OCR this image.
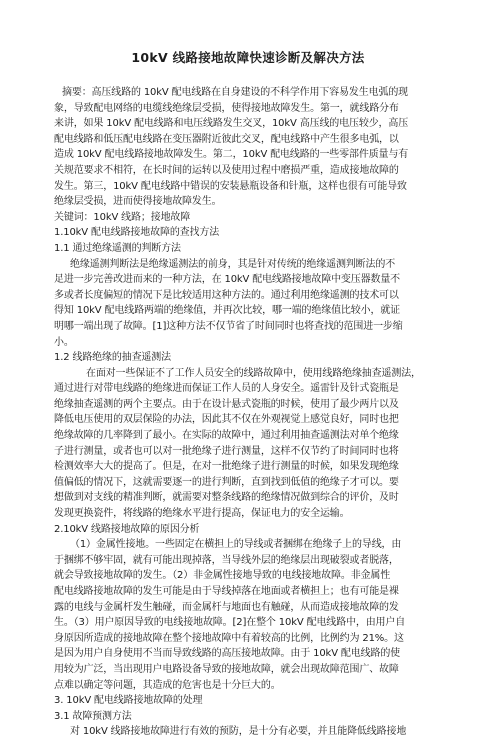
10kV 线路接地故障快速诊断及解决方法
摘要：高压线路的 10kV 配电线路在自身建设的不科学作用下容易发生电弧的现
象，导致配电网络的电缆线绝缘层受损，使得接地故障发生。第一，就线路分布
来讲，如果 10kV 配电线路和电压线路发生交叉，10kV 高压线的电压较少，高压
配电线路和低压配电线路在变压器附近彼此交叉，配电线路中产生很多电弧，以
造成 10kV 配电线路接地故障发生。第二，10kV 配电线路的一些零部件质量与有
关规范要求不相符，在长时间的运转以及使用过程中磨损严重，造成接地故障的
发生。第三，10kV 配电线路中错误的安装悬瓶设备和针瓶，这样也很有可能导致
绝缘层受损，进而使得接地故障发生。
关键词：10kV 线路；接地故障
1.10kV 配电线路接地故障的查找方法
1.1 通过绝缘遥测的判断方法
绝缘遥测判断法是绝缘遥测法的前身，其是针对传统的绝缘遥测判断法的不
足进一步完善改进而来的一种方法，在 10kV 配电线路接地故障中变压器数量不
多或者长度偏短的情况下是比较适用这种方法的。通过利用绝缘遥测的技术可以
得知 10kV 配电线路两端的绝缘值，并再次比较，哪一端的绝缘值比较小，就证
明哪一端出现了故障。[1]这种方法不仅节省了时间同时也将查找的范围进一步缩
小。
1.2 线路绝缘的抽查遥测法
在面对一些保证不了工作人员安全的线路故障中，使用线路绝缘抽查遥测法，
通过进行对带电线路的绝缘进而保证工作人员的人身安全。遥雷针及针式瓷瓶是
绝缘抽查遥测的两个主要点。由于在设计悬式瓷瓶的时候，使用了最少两片以及
降低电压使用的双层保险的办法，因此其不仅在外观视觉上感觉良好，同时也把
绝缘故障的几率降到了最小。在实际的故障中，通过利用抽查遥测法对单个绝缘
子进行测量，或者也可以对一批绝缘子进行测量，这样不仅节约了时间同时也将
检测效率大大的提高了。但是，在对一批绝缘子进行测量的时候，如果发现绝缘
值偏低的情况下，这就需要逐一的进行判断，直到找到低值的绝缘子才可以。要
想做到对支线的精准判断，就需要对整条线路的绝缘情况做到综合的评价，及时
发现更换瓷件，将线路的绝缘水平进行提高，保证电力的安全运输。
2.10kV 线路接地故障的原因分析
（1）金属性接地。一些固定在横担上的导线或者捆绑在绝缘子上的导线，由
于捆绑不够牢固，就有可能出现掉落，当导线外层的绝缘层出现破裂或者脱落，
就会导致接地故障的发生。（2）非金属性接地导致的电线接地故障。非金属性
配电线路接地故障的发生可能是由于导线掉落在地面或者横担上；也有可能是裸
露的电线与金属杆发生触碰，而金属杆与地面也有触碰，从而造成接地故障的发
生。（3）用户原因导致的电线接地故障。[2]在整个 10kV 配电线路中，由用户自
身原因所造成的接地故障在整个接地故障中有着较高的比例，比例约为 21%。这
是因为用户自身使用不当而导致线路的高压接地故障。由于 10kV 配电线路的使
用较为广泛，当出现用户电路设备导致的接地故障，就会出现故障范围广、故障
点难以确定等问题，其造成的危害也是十分巨大的。
3. 10kV 配电线路接地故障的处理
3.1 故障预测方法
对 10kV 线路接地故障进行有效的预防，是十分有必要，并且能降低线路接地
